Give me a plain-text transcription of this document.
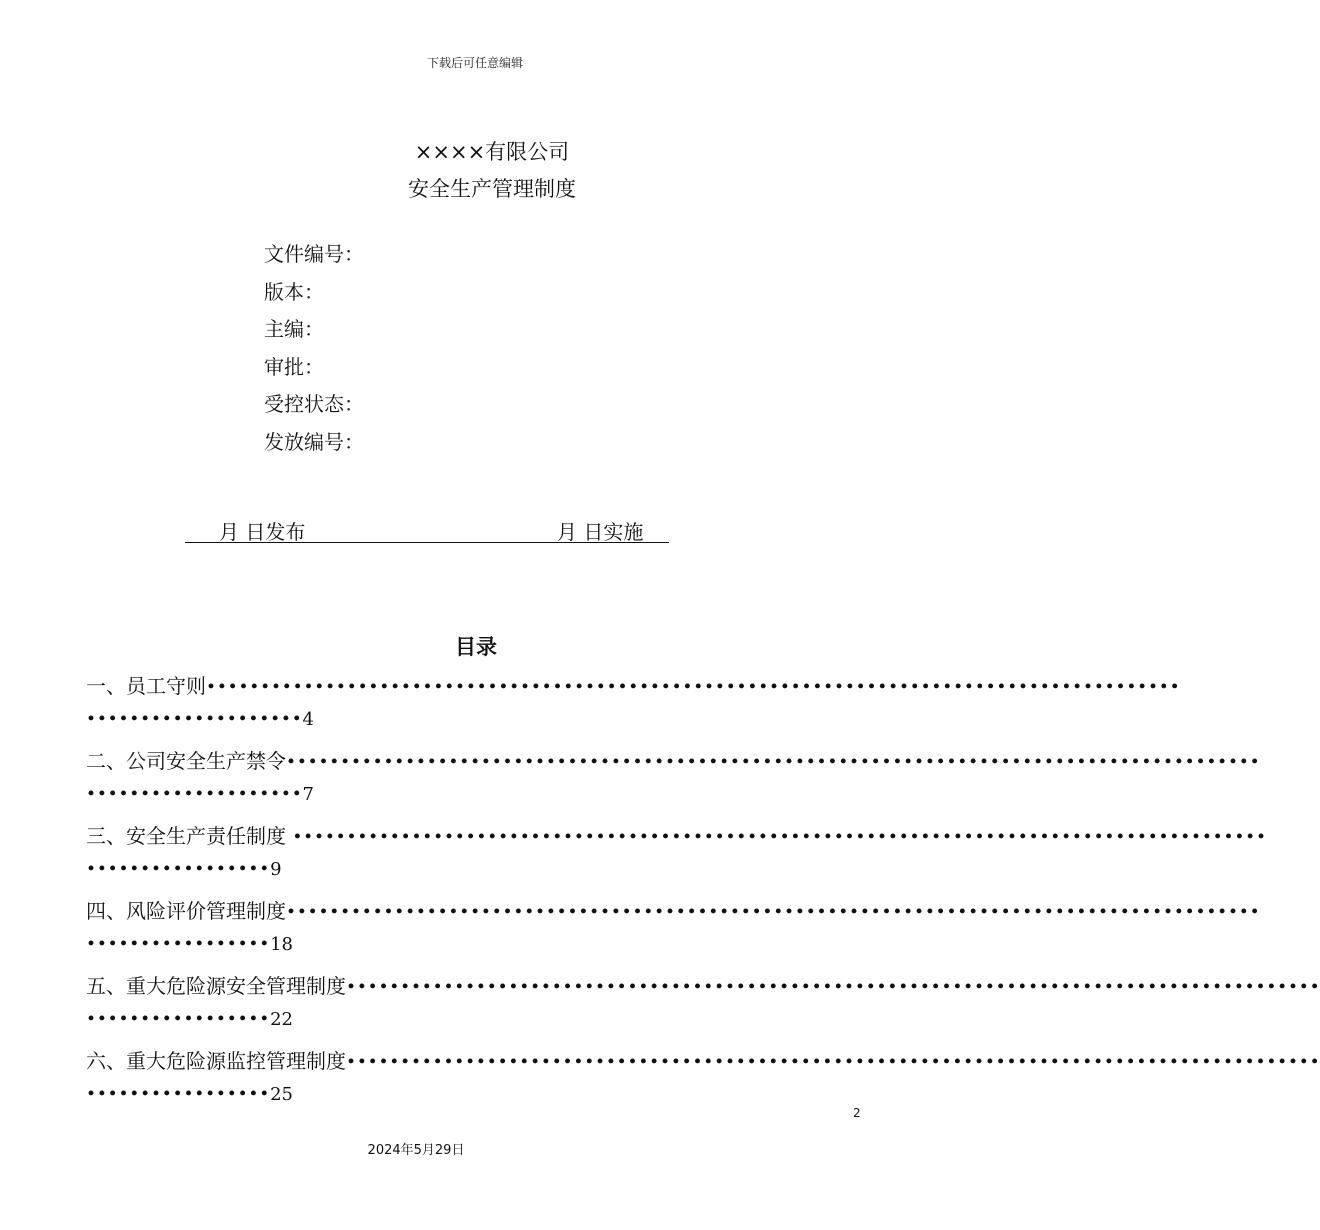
下载后可任意编辑
××××有限公司
安全生产管理制度
文件编号：
版本：
主编：
审批：
受控状态：
发放编号：
月 日发布	月 日实施
目录
一、员工守则••••••••••••••••••••••••••••••••••••••••••••••••••••••••••••••••••••••••••••••••••••••••••
••••••••••••••••••••4
二、公司安全生产禁令••••••••••••••••••••••••••••••••••••••••••••••••••••••••••••••••••••••••••••••••••••••••••
••••••••••••••••••••7
三、安全生产责任制度 ••••••••••••••••••••••••••••••••••••••••••••••••••••••••••••••••••••••••••••••••••••••••••
•••••••••••••••••9
四、风险评价管理制度••••••••••••••••••••••••••••••••••••••••••••••••••••••••••••••••••••••••••••••••••••••••••
•••••••••••••••••18
五、重大危险源安全管理制度••••••••••••••••••••••••••••••••••••••••••••••••••••••••••••••••••••••••••••••••••••••••••
•••••••••••••••••22
六、重大危险源监控管理制度••••••••••••••••••••••••••••••••••••••••••••••••••••••••••••••••••••••••••••••••••••••••••
•••••••••••••••••25
2
2024年5月29日
